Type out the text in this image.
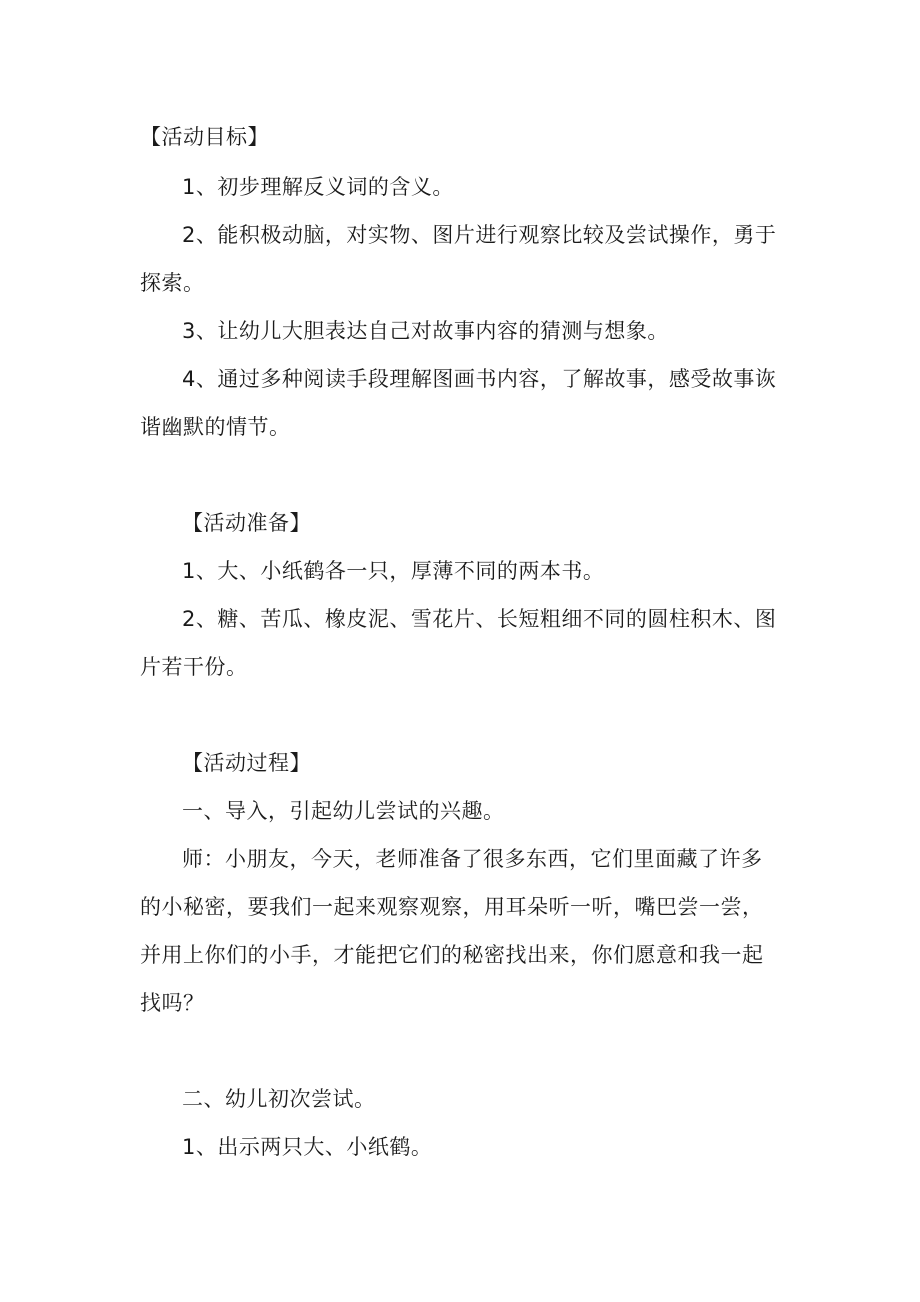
【活动目标】
1、初步理解反义词的含义。
2、能积极动脑，对实物、图片进行观察比较及尝试操作，勇于
探索。
3、让幼儿大胆表达自己对故事内容的猜测与想象。
4、通过多种阅读手段理解图画书内容，了解故事，感受故事诙
谐幽默的情节。
【活动准备】
1、大、小纸鹤各一只，厚薄不同的两本书。
2、糖、苦瓜、橡皮泥、雪花片、长短粗细不同的圆柱积木、图
片若干份。
【活动过程】
一、导入，引起幼儿尝试的兴趣。
师：小朋友，今天，老师准备了很多东西，它们里面藏了许多
的小秘密，要我们一起来观察观察，用耳朵听一听，嘴巴尝一尝，
并用上你们的小手，才能把它们的秘密找出来，你们愿意和我一起
找吗？
二、幼儿初次尝试。
1、出示两只大、小纸鹤。
